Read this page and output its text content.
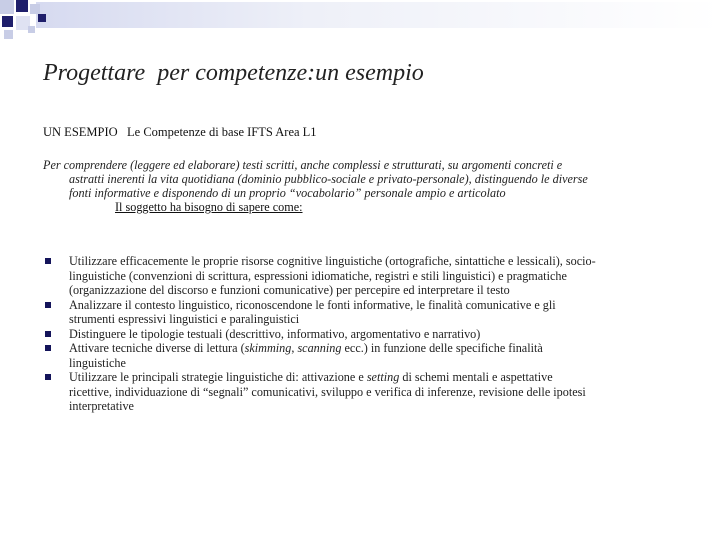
Progettare  per competenze:un esempio
UN ESEMPIO   Le Competenze di base IFTS Area L1
Per comprendere (leggere ed elaborare) testi scritti, anche complessi e strutturati, su argomenti concreti e
astratti inerenti la vita quotidiana (dominio pubblico-sociale e privato-personale), distinguendo le diverse
fonti informative e disponendo di un proprio “vocabolario” personale ampio e articolato
Il soggetto ha bisogno di sapere come:
Utilizzare efficacemente le proprie risorse cognitive linguistiche (ortografiche, sintattiche e lessicali), socio-
linguistiche (convenzioni di scrittura, espressioni idiomatiche, registri e stili linguistici) e pragmatiche
(organizzazione del discorso e funzioni comunicative) per percepire ed interpretare il testo
Analizzare il contesto linguistico, riconoscendone le fonti informative, le finalità comunicative e gli
strumenti espressivi linguistici e paralinguistici
Distinguere le tipologie testuali (descrittivo, informativo, argomentativo e narrativo)
Attivare tecniche diverse di lettura (skimming, scanning ecc.) in funzione delle specifiche finalità
linguistiche
Utilizzare le principali strategie linguistiche di: attivazione e setting di schemi mentali e aspettative
ricettive, individuazione di “segnali” comunicativi, sviluppo e verifica di inferenze, revisione delle ipotesi
interpretative
